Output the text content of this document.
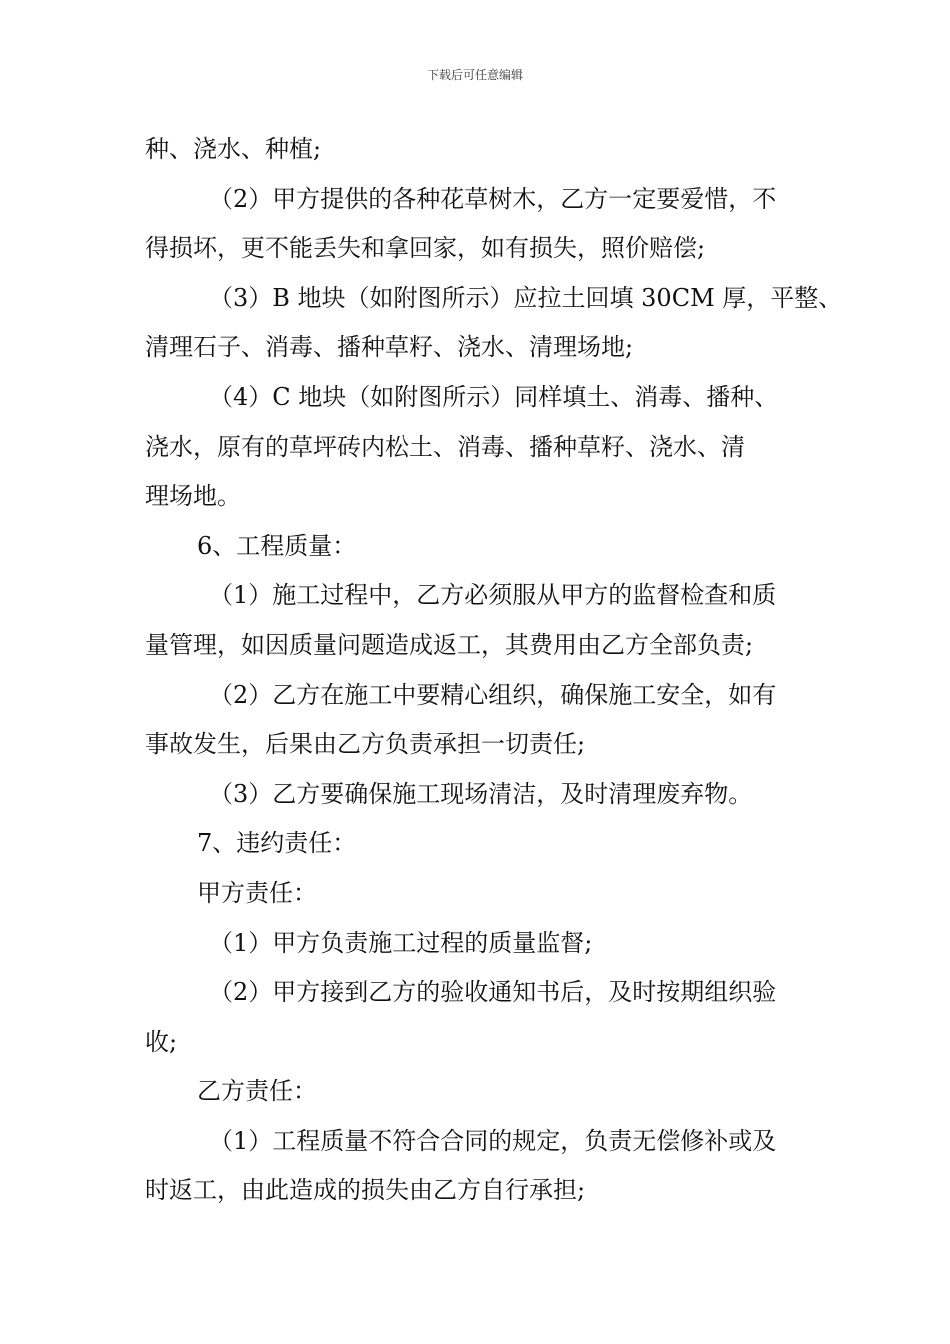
下载后可任意编辑

种、浇水、种植;

（2）甲方提供的各种花草树木，乙方一定要爱惜，不

得损坏，更不能丢失和拿回家，如有损失，照价赔偿;

（3）B 地块（如附图所示）应拉土回填 30CM 厚，平整、

清理石子、消毒、播种草籽、浇水、清理场地;

（4）C 地块（如附图所示）同样填土、消毒、播种、

浇水，原有的草坪砖内松土、消毒、播种草籽、浇水、清

理场地。

6、工程质量：

（1）施工过程中，乙方必须服从甲方的监督检查和质

量管理，如因质量问题造成返工，其费用由乙方全部负责;

（2）乙方在施工中要精心组织，确保施工安全，如有

事故发生，后果由乙方负责承担一切责任;

（3）乙方要确保施工现场清洁，及时清理废弃物。

7、违约责任：

甲方责任：

（1）甲方负责施工过程的质量监督;

（2）甲方接到乙方的验收通知书后，及时按期组织验

收;

乙方责任：

（1）工程质量不符合合同的规定，负责无偿修补或及

时返工，由此造成的损失由乙方自行承担;
